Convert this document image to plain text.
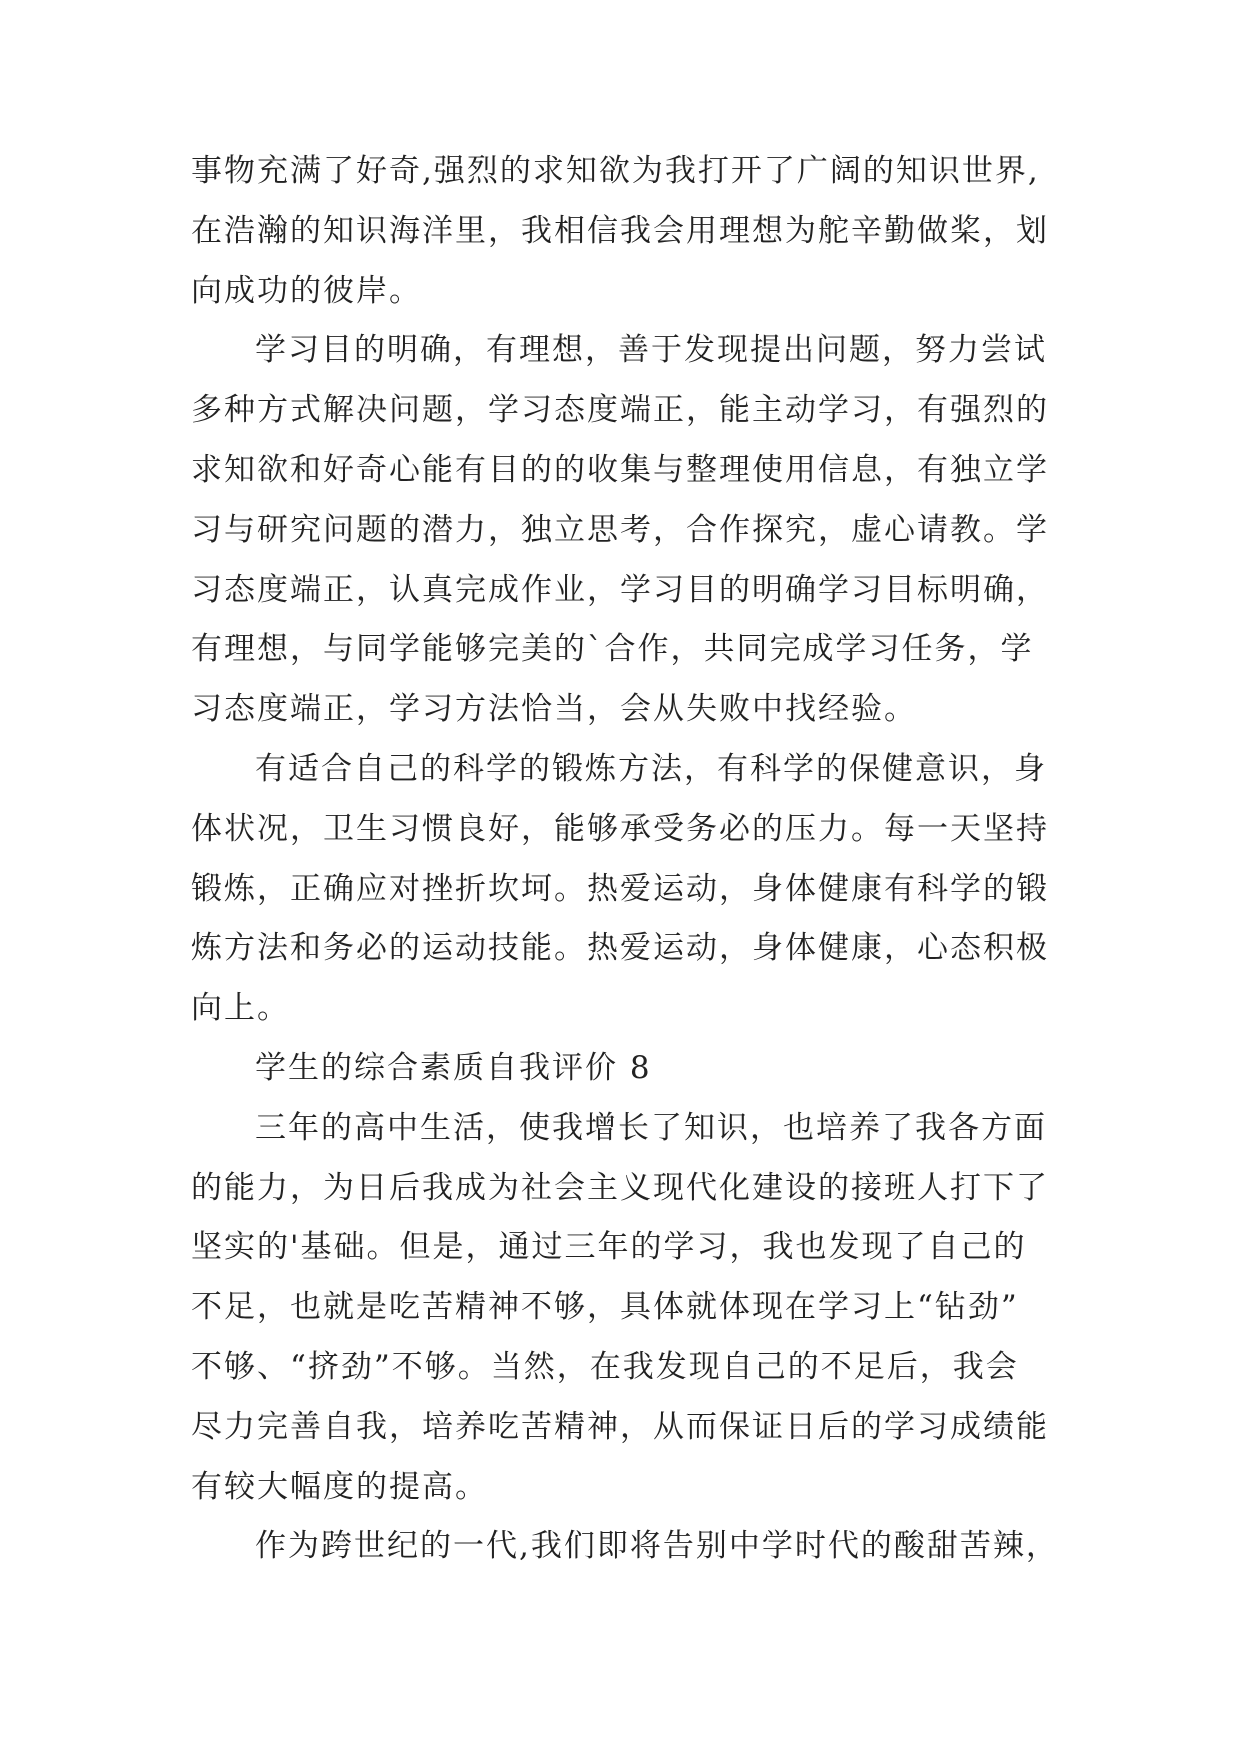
事物充满了好奇,强烈的求知欲为我打开了广阔的知识世界,
在浩瀚的知识海洋里，我相信我会用理想为舵辛勤做桨，划
向成功的彼岸。
学习目的明确，有理想，善于发现提出问题，努力尝试
多种方式解决问题，学习态度端正，能主动学习，有强烈的
求知欲和好奇心能有目的的收集与整理使用信息，有独立学
习与研究问题的潜力，独立思考，合作探究，虚心请教。学
习态度端正，认真完成作业，学习目的明确学习目标明确，
有理想，与同学能够完美的`合作，共同完成学习任务，学
习态度端正，学习方法恰当，会从失败中找经验。
有适合自己的科学的锻炼方法，有科学的保健意识，身
体状况，卫生习惯良好，能够承受务必的压力。每一天坚持
锻炼，正确应对挫折坎坷。热爱运动，身体健康有科学的锻
炼方法和务必的运动技能。热爱运动，身体健康，心态积极
向上。
学生的综合素质自我评价 8
三年的高中生活，使我增长了知识，也培养了我各方面
的能力，为日后我成为社会主义现代化建设的接班人打下了
坚实的'基础。但是，通过三年的学习，我也发现了自己的
不足，也就是吃苦精神不够，具体就体现在学习上“钻劲”
不够、“挤劲”不够。当然，在我发现自己的不足后，我会
尽力完善自我，培养吃苦精神，从而保证日后的学习成绩能
有较大幅度的提高。
作为跨世纪的一代,我们即将告别中学时代的酸甜苦辣，
